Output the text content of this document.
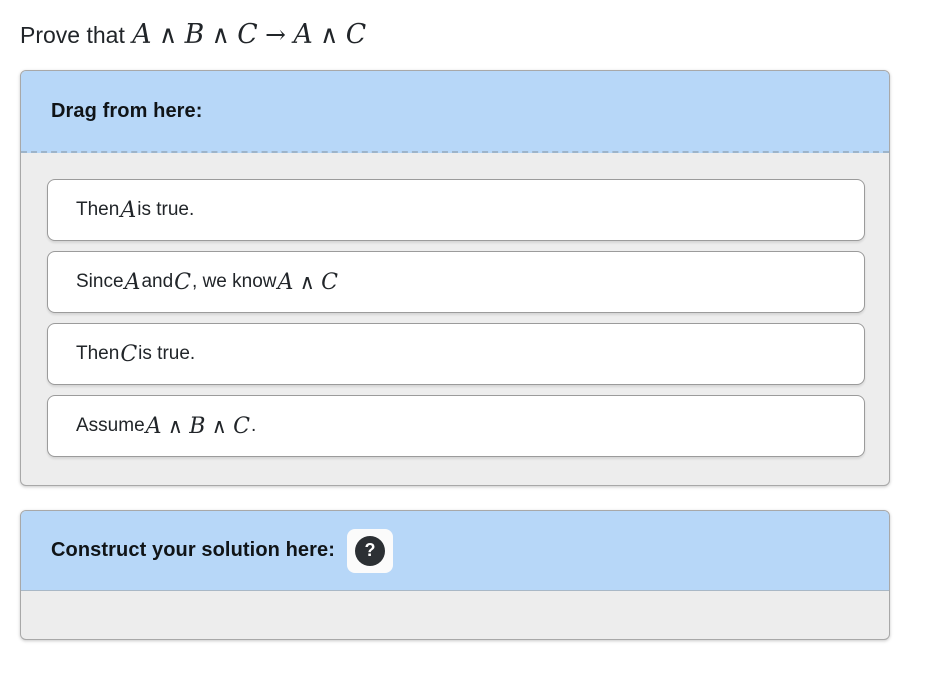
Prove that A ∧ B ∧ C → A ∧ C
Drag from here:
Then A is true.
Since A and C , we know A ∧ C
Then C is true.
Assume A ∧ B ∧ C .
Construct your solution here: ?
